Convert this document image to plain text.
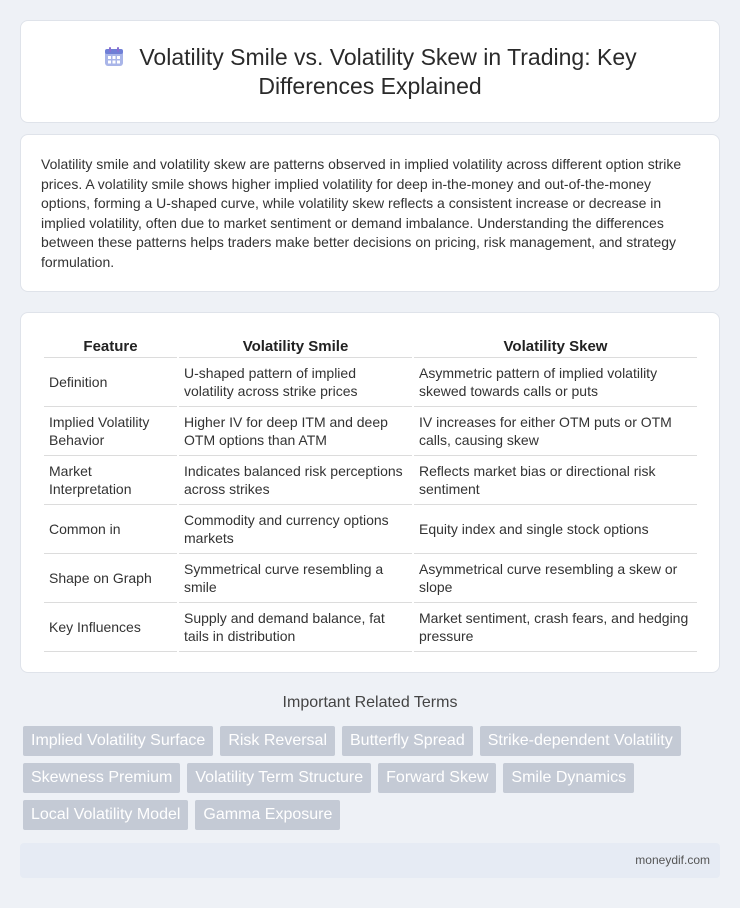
Volatility Smile vs. Volatility Skew in Trading: Key Differences Explained

Volatility smile and volatility skew are patterns observed in implied volatility across different option strike prices. A volatility smile shows higher implied volatility for deep in-the-money and out-of-the-money options, forming a U-shaped curve, while volatility skew reflects a consistent increase or decrease in implied volatility, often due to market sentiment or demand imbalance. Understanding the differences between these patterns helps traders make better decisions on pricing, risk management, and strategy formulation.

Feature	Volatility Smile	Volatility Skew
Definition	U-shaped pattern of implied volatility across strike prices	Asymmetric pattern of implied volatility skewed towards calls or puts
Implied Volatility Behavior	Higher IV for deep ITM and deep OTM options than ATM	IV increases for either OTM puts or OTM calls, causing skew
Market Interpretation	Indicates balanced risk perceptions across strikes	Reflects market bias or directional risk sentiment
Common in	Commodity and currency options markets	Equity index and single stock options
Shape on Graph	Symmetrical curve resembling a smile	Asymmetrical curve resembling a skew or slope
Key Influences	Supply and demand balance, fat tails in distribution	Market sentiment, crash fears, and hedging pressure
Important Related Terms
Implied Volatility Surface	Risk Reversal	Butterfly Spread	Strike-dependent Volatility
Skewness Premium	Volatility Term Structure	Forward Skew	Smile Dynamics
Local Volatility Model	Gamma Exposure
moneydif.com
